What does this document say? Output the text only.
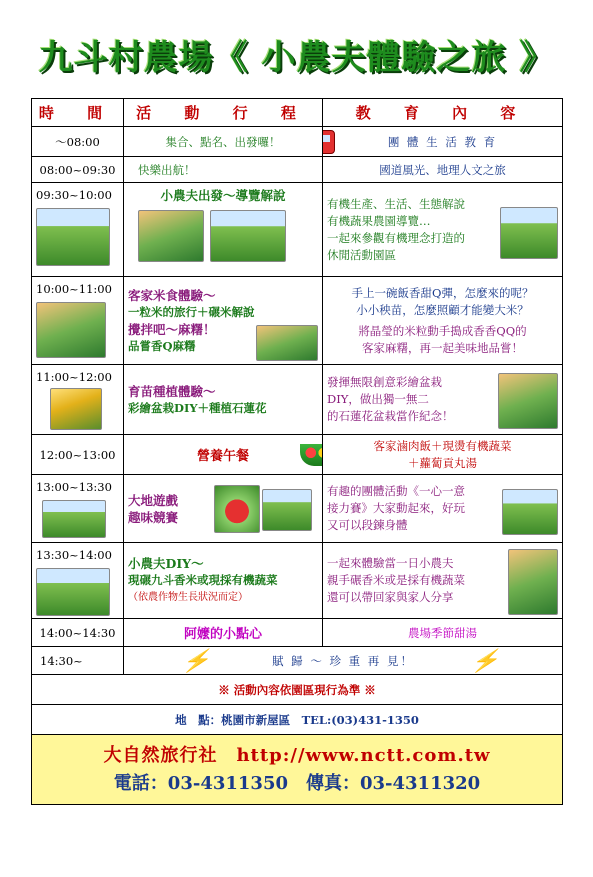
九斗村農場《 小農夫體驗之旅 》
時 間	活 動 行 程	教 育 內 容
～08:00	集合、點名、出發囉！	團 體 生 活 教 育
08:00~09:30	快樂出航！	國道風光、地理人文之旅

09:30~10:00	小農夫出發～導覽解說	有機生產、生活、生態解說
有機蔬果農園導覽…
一起來參觀有機理念打造的
休閒活動園區

10:00~11:00	客家米食體驗～
一粒米的旅行＋碾米解說
攪拌吧～麻糬！
品嘗香Q麻糬	手上一碗飯香甜Q彈，怎麼來的呢？
小小秧苗，怎麼照顧才能變大米？
將晶瑩的米粒動手搗成香香QQ的
客家麻糬，再一起美味地品嘗！

11:00~12:00	育苗種植體驗～
彩繪盆栽DIY＋種植石蓮花	發揮無限創意彩繪盆栽
DIY，做出獨一無二
的石蓮花盆栽當作紀念！

12:00~13:00	營養午餐	客家滷肉飯＋現燙有機蔬菜
＋蘿蔔貢丸湯

13:00~13:30	大地遊戲
趣味競賽	有趣的團體活動《一心一意
接力賽》大家動起來，好玩
又可以段鍊身體

13:30~14:00	小農夫DIY～
現碾九斗香米或現採有機蔬菜
（依農作物生長狀況而定）	一起來體驗當一日小農夫
親手碾香米或是採有機蔬菜
還可以帶回家與家人分享

14:00~14:30	阿嬤的小點心	農場季節甜湯
14:30~	⚡ 賦 歸 ～ 珍 重 再 見！ ⚡	

※ 活動內容依園區現行為準 ※		
地　點：桃園市新屋區　TEL:(03)431-1350		

大自然旅行社　http://www.nctt.com.tw
電話：03-4311350　傳真：03-4311320		
